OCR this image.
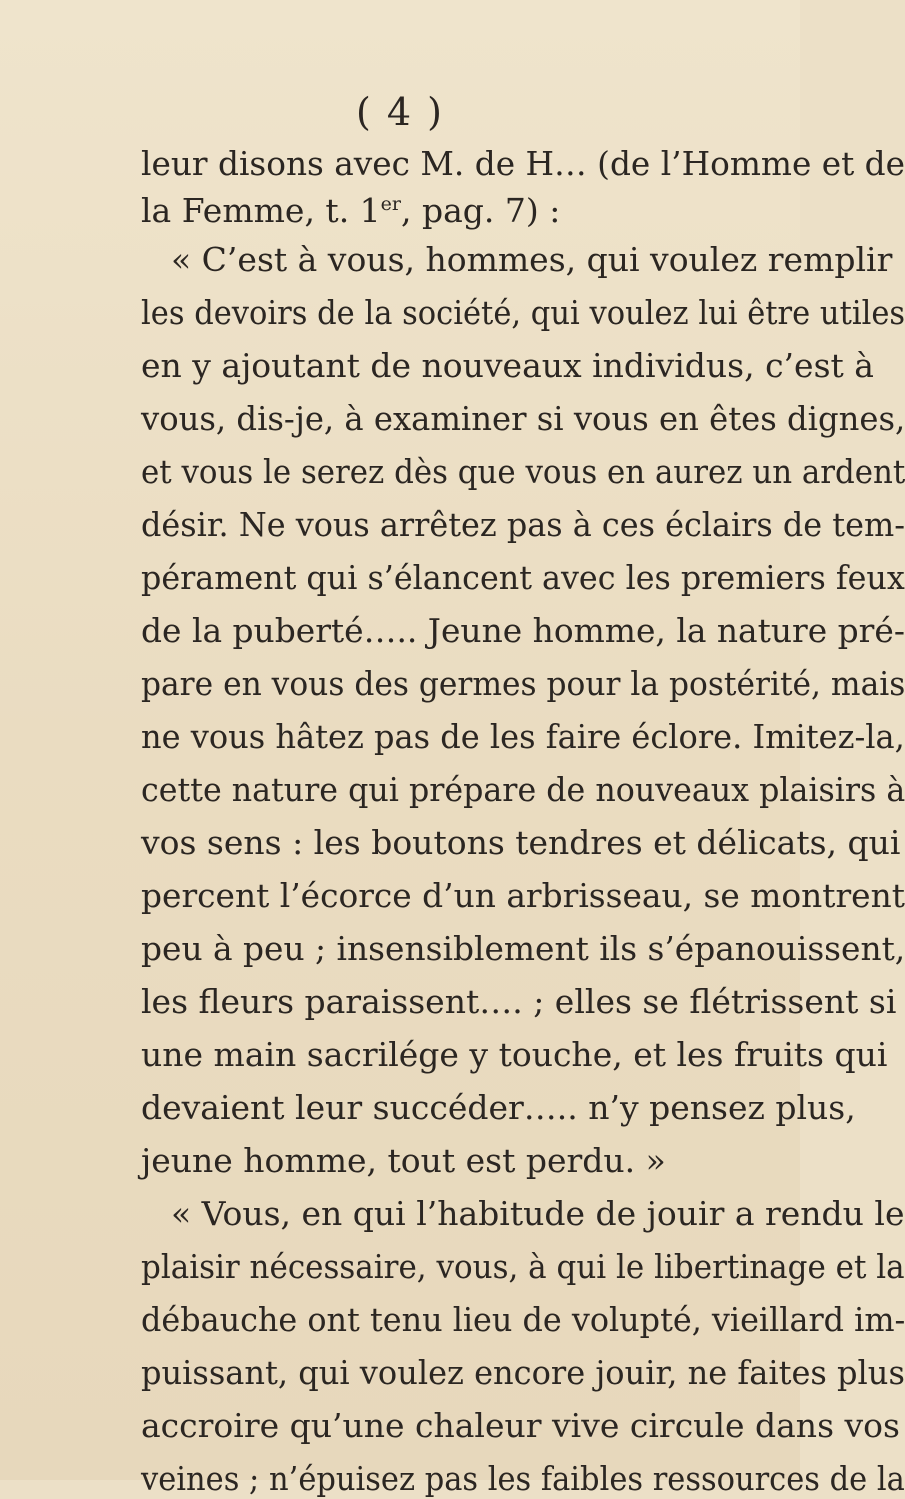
( 4 )
leur disons avec M. de H… (de l’Homme et de
la Femme, t. 1er, pag. 7) :
« C’est à vous, hommes, qui voulez remplir
les devoirs de la société, qui voulez lui être utiles
en y ajoutant de nouveaux individus, c’est à
vous, dis-je, à examiner si vous en êtes dignes,
et vous le serez dès que vous en aurez un ardent
désir. Ne vous arrêtez pas à ces éclairs de tem-
pérament qui s’élancent avec les premiers feux
de la puberté….. Jeune homme, la nature pré-
pare en vous des germes pour la postérité, mais
ne vous hâtez pas de les faire éclore. Imitez-la,
cette nature qui prépare de nouveaux plaisirs à
vos sens : les boutons tendres et délicats, qui
percent l’écorce d’un arbrisseau, se montrent
peu à peu ; insensiblement ils s’épanouissent,
les fleurs paraissent…. ; elles se flétrissent si
une main sacrilége y touche, et les fruits qui
devaient leur succéder….. n’y pensez plus,
jeune homme, tout est perdu. »
« Vous, en qui l’habitude de jouir a rendu le
plaisir nécessaire, vous, à qui le libertinage et la
débauche ont tenu lieu de volupté, vieillard im-
puissant, qui voulez encore jouir, ne faites plus
accroire qu’une chaleur vive circule dans vos
veines ; n’épuisez pas les faibles ressources de la
